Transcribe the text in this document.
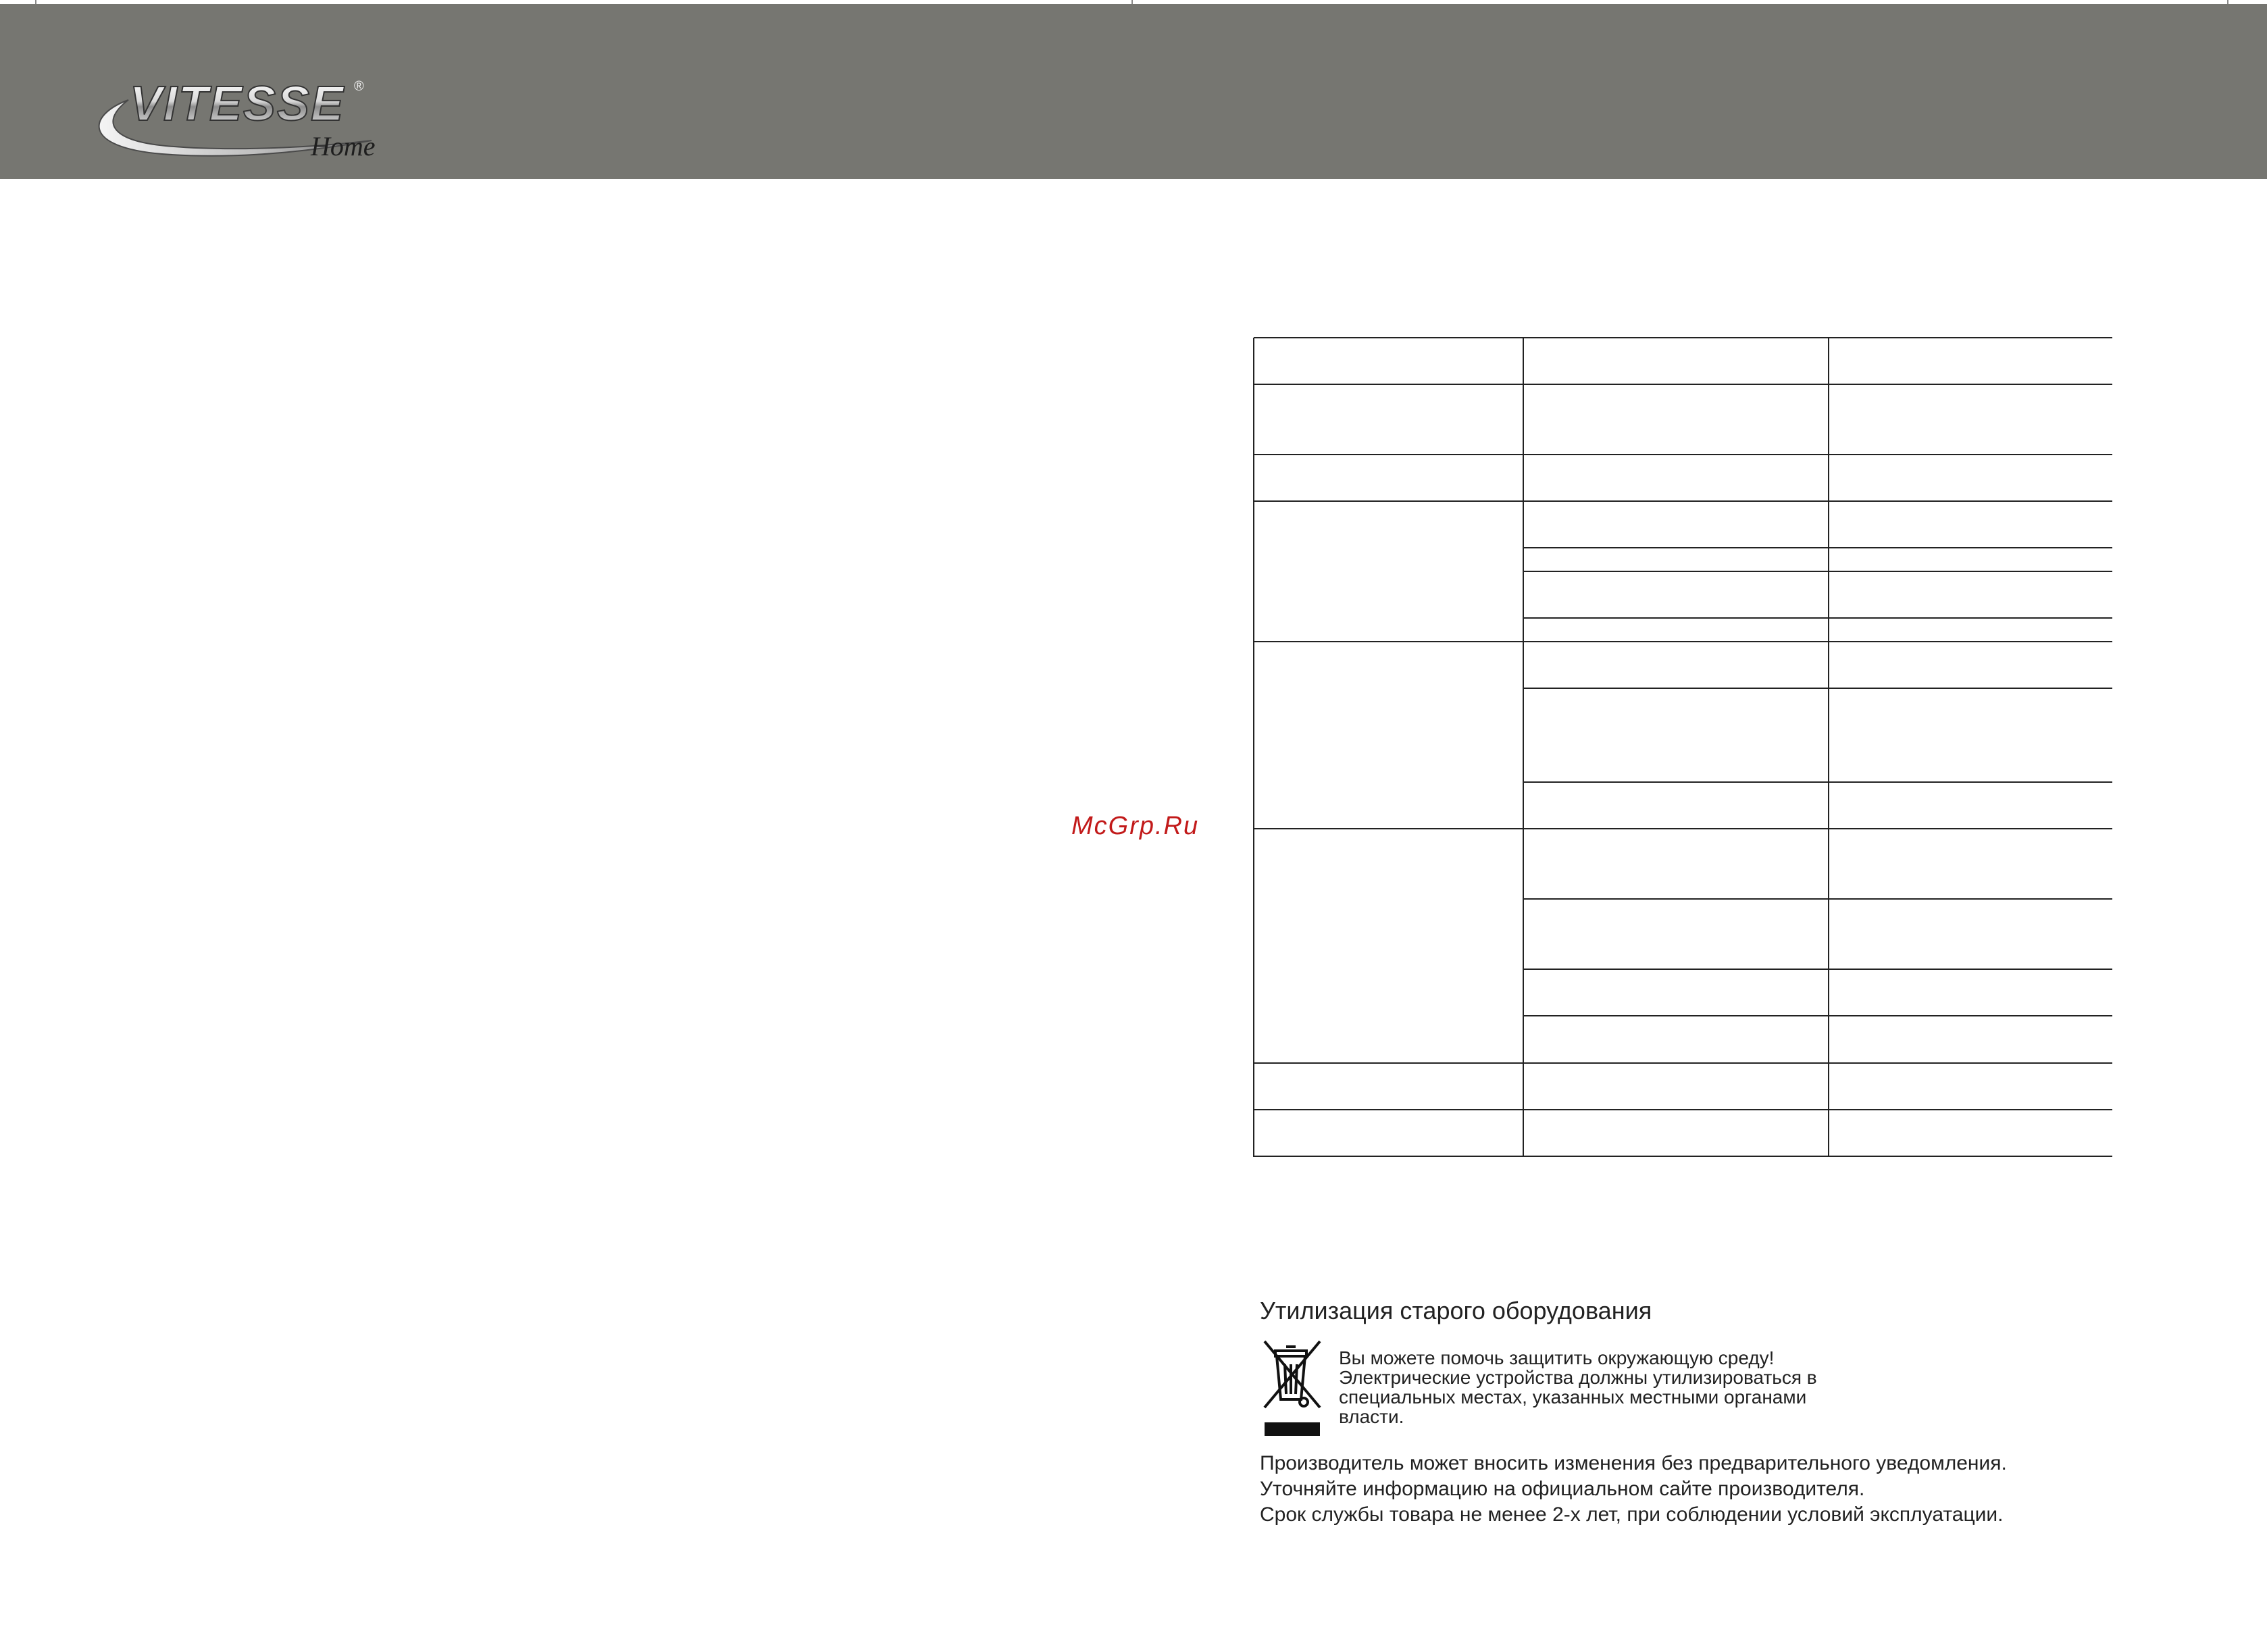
VITESSE ®
Home
McGrp.Ru
Утилизация старого оборудования
Вы можете помочь защитить окружающую среду!
Электрические устройства должны утилизироваться в
специальных местах, указанных местными органами
власти.
Производитель может вносить изменения без предварительного уведомления.
Уточняйте информацию на официальном сайте производителя.
Срок службы товара не менее 2-х лет, при соблюдении условий эксплуатации.
